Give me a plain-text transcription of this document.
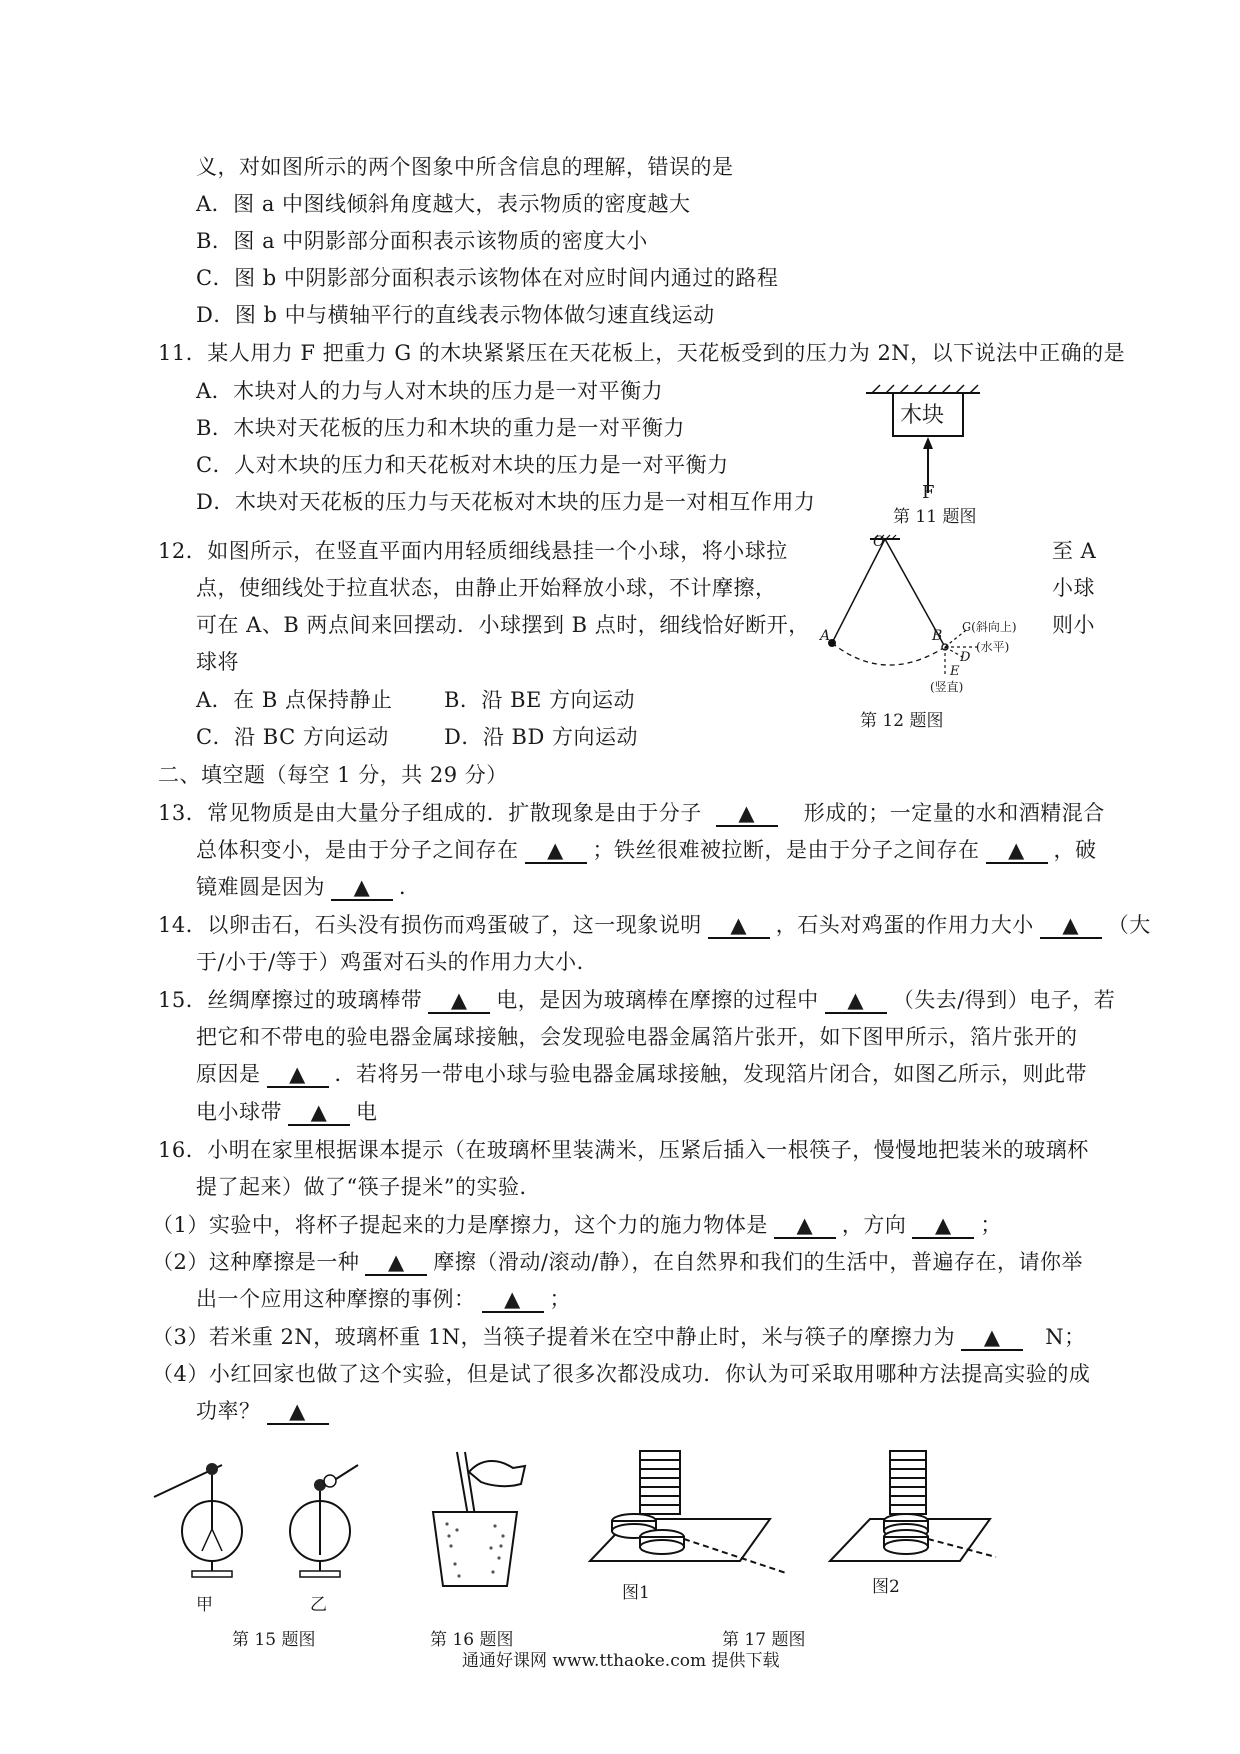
义，对如图所示的两个图象中所含信息的理解，错误的是
A．图 a 中图线倾斜角度越大，表示物质的密度越大
B．图 a 中阴影部分面积表示该物质的密度大小
C．图 b 中阴影部分面积表示该物体在对应时间内通过的路程
D．图 b 中与横轴平行的直线表示物体做匀速直线运动
11．某人用力 F 把重力 G 的木块紧紧压在天花板上，天花板受到的压力为 2N，以下说法中正确的是
A．木块对人的力与人对木块的压力是一对平衡力
B．木块对天花板的压力和木块的重力是一对平衡力
C．人对木块的压力和天花板对木块的压力是一对平衡力
D．木块对天花板的压力与天花板对木块的压力是一对相互作用力
木块
F
第 11 题图
12．如图所示，在竖直平面内用轻质细线悬挂一个小球，将小球拉	至 A
点，使细线处于拉直状态，由静止开始释放小球，不计摩擦，	小球
可在 A、B 两点间来回摆动．小球摆到 B 点时，细线恰好断开，	则小
球将
A．在 B 点保持静止 B．沿 BE 方向运动
C．沿 BC 方向运动	D．沿 BD 方向运动
O
A	B
C(斜向上)
D
(水平)
E
(竖直)
第 12 题图
二、填空题（每空 1 分，共 29 分）
13．常见物质是由大量分子组成的．扩散现象是由于分子 ▲ 形成的；一定量的水和酒精混合
总体积变小，是由于分子之间存在 ▲ ；铁丝很难被拉断，是由于分子之间存在 ▲ ，破
镜难圆是因为 ▲ ．
14．以卵击石，石头没有损伤而鸡蛋破了，这一现象说明 ▲ ，石头对鸡蛋的作用力大小 ▲ （大
于/小于/等于）鸡蛋对石头的作用力大小．
15．丝绸摩擦过的玻璃棒带 ▲ 电，是因为玻璃棒在摩擦的过程中 ▲ （失去/得到）电子，若
把它和不带电的验电器金属球接触，会发现验电器金属箔片张开，如下图甲所示，箔片张开的
原因是 ▲ ．若将另一带电小球与验电器金属球接触，发现箔片闭合，如图乙所示，则此带
电小球带 ▲ 电
16．小明在家里根据课本提示（在玻璃杯里装满米，压紧后插入一根筷子，慢慢地把装米的玻璃杯
提了起来）做了“筷子提米”的实验．
（1）实验中，将杯子提起来的力是摩擦力，这个力的施力物体是 ▲ ，方向 ▲ ；
（2）这种摩擦是一种 ▲ 摩擦（滑动/滚动/静），在自然界和我们的生活中，普遍存在，请你举
出一个应用这种摩擦的事例： ▲ ；
（3）若米重 2N，玻璃杯重 1N，当筷子提着米在空中静止时，米与筷子的摩擦力为 ▲ N；
（4）小红回家也做了这个实验，但是试了很多次都没成功．你认为可采取用哪种方法提高实验的成
功率？ ▲
甲	乙
图1	图2
第 15 题图	第 16 题图	第 17 题图
通通好课网 www.tthaoke.com 提供下载
